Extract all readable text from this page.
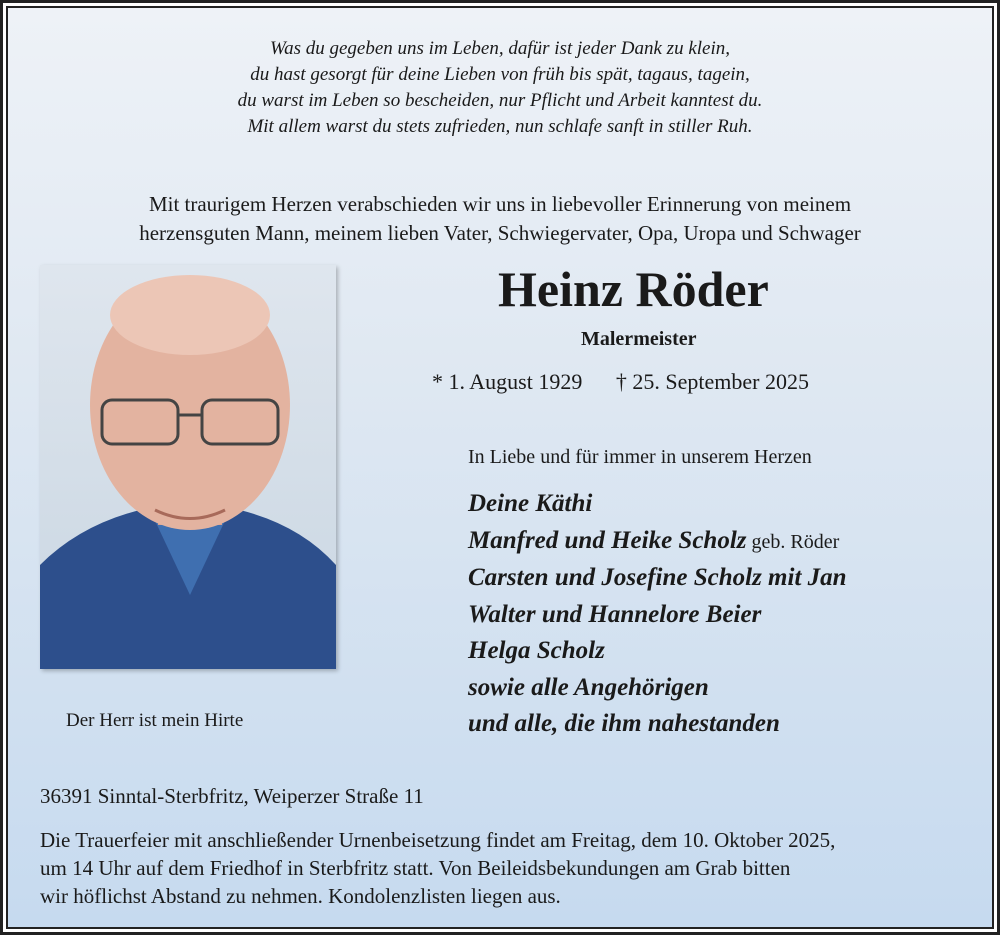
Was du gegeben uns im Leben, dafür ist jeder Dank zu klein,
du hast gesorgt für deine Lieben von früh bis spät, tagaus, tagein,
du warst im Leben so bescheiden, nur Pflicht und Arbeit kanntest du.
Mit allem warst du stets zufrieden, nun schlafe sanft in stiller Ruh.
Mit traurigem Herzen verabschieden wir uns in liebevoller Erinnerung von meinem
herzensguten Mann, meinem lieben Vater, Schwiegervater, Opa, Uropa und Schwager
Der Herr ist mein Hirte
Heinz Röder
Malermeister
* 1. August 1929 † 25. September 2025
In Liebe und für immer in unserem Herzen
Deine Käthi
Manfred und Heike Scholz geb. Röder
Carsten und Josefine Scholz mit Jan
Walter und Hannelore Beier
Helga Scholz
sowie alle Angehörigen
und alle, die ihm nahestanden
36391 Sinntal-Sterbfritz, Weiperzer Straße 11
Die Trauerfeier mit anschließender Urnenbeisetzung findet am Freitag, dem 10. Oktober 2025,
um 14 Uhr auf dem Friedhof in Sterbfritz statt. Von Beileidsbekundungen am Grab bitten
wir höflichst Abstand zu nehmen. Kondolenzlisten liegen aus.
